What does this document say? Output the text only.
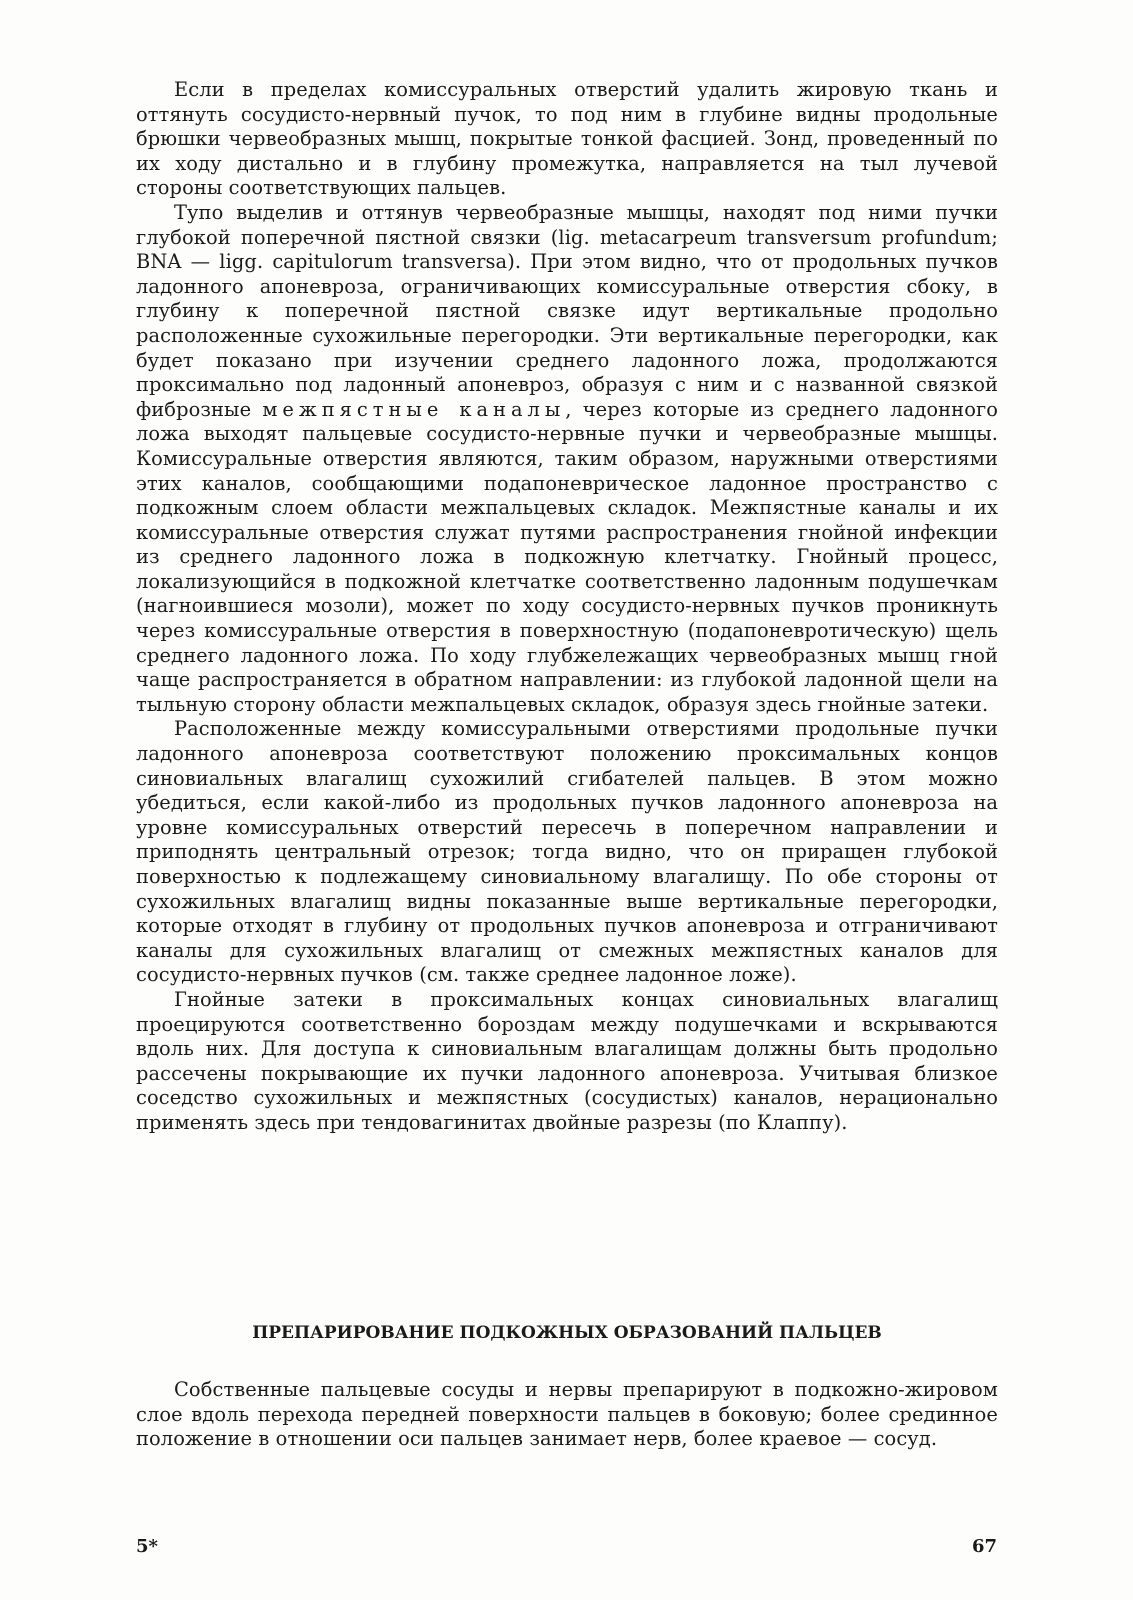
Если в пределах комиссуральных отверстий удалить жировую ткань и оттянуть сосудисто-нервный пучок, то под ним в глубине видны продольные брюшки червеобразных мышц, покрытые тонкой фасцией. Зонд, проведенный по их ходу дистально и в глубину промежутка, направляется на тыл лучевой стороны соответствующих пальцев.

Тупо выделив и оттянув червеобразные мышцы, находят под ними пучки глубокой поперечной пястной связки (lig. metacarpeum transversum profundum; BNA — ligg. capitulorum transversa). При этом видно, что от продольных пучков ладонного апоневроза, ограничивающих комиссуральные отверстия сбоку, в глубину к поперечной пястной связке идут вертикальные продольно расположенные сухожильные перегородки. Эти вертикальные перегородки, как будет показано при изучении среднего ладонного ложа, продолжаются проксимально под ладонный апоневроз, образуя с ним и с названной связкой фиброзные межпястные каналы, через которые из среднего ладонного ложа выходят пальцевые сосудисто-нервные пучки и червеобразные мышцы. Комиссуральные отверстия являются, таким образом, наружными отверстиями этих каналов, сообщающими подапоневрическое ладонное пространство с подкожным слоем области межпальцевых складок. Межпястные каналы и их комиссуральные отверстия служат путями распространения гнойной инфекции из среднего ладонного ложа в подкожную клетчатку. Гнойный процесс, локализующийся в подкожной клетчатке соответственно ладонным подушечкам (нагноившиеся мозоли), может по ходу сосудисто-нервных пучков проникнуть через комиссуральные отверстия в поверхностную (подапоневротическую) щель среднего ладонного ложа. По ходу глубжележащих червеобразных мышц гной чаще распространяется в обратном направлении: из глубокой ладонной щели на тыльную сторону области межпальцевых складок, образуя здесь гнойные затеки.

Расположенные между комиссуральными отверстиями продольные пучки ладонного апоневроза соответствуют положению проксимальных концов синовиальных влагалищ сухожилий сгибателей пальцев. В этом можно убедиться, если какой-либо из продольных пучков ладонного апоневроза на уровне комиссуральных отверстий пересечь в поперечном направлении и приподнять центральный отрезок; тогда видно, что он приращен глубокой поверхностью к подлежащему синовиальному влагалищу. По обе стороны от сухожильных влагалищ видны показанные выше вертикальные перегородки, которые отходят в глубину от продольных пучков апоневроза и отграничивают каналы для сухожильных влагалищ от смежных межпястных каналов для сосудисто-нервных пучков (см. также среднее ладонное ложе).

Гнойные затеки в проксимальных концах синовиальных влагалищ проецируются соответственно бороздам между подушечками и вскрываются вдоль них. Для доступа к синовиальным влагалищам должны быть продольно рассечены покрывающие их пучки ладонного апоневроза. Учитывая близкое соседство сухожильных и межпястных (сосудистых) каналов, нерационально применять здесь при тендовагинитах двойные разрезы (по Клаппу).

ПРЕПАРИРОВАНИЕ ПОДКОЖНЫХ ОБРАЗОВАНИЙ ПАЛЬЦЕВ

Собственные пальцевые сосуды и нервы препарируют в подкожно-жировом слое вдоль перехода передней поверхности пальцев в боковую; более срединное положение в отношении оси пальцев занимает нерв, более краевое — сосуд.

5*	67
